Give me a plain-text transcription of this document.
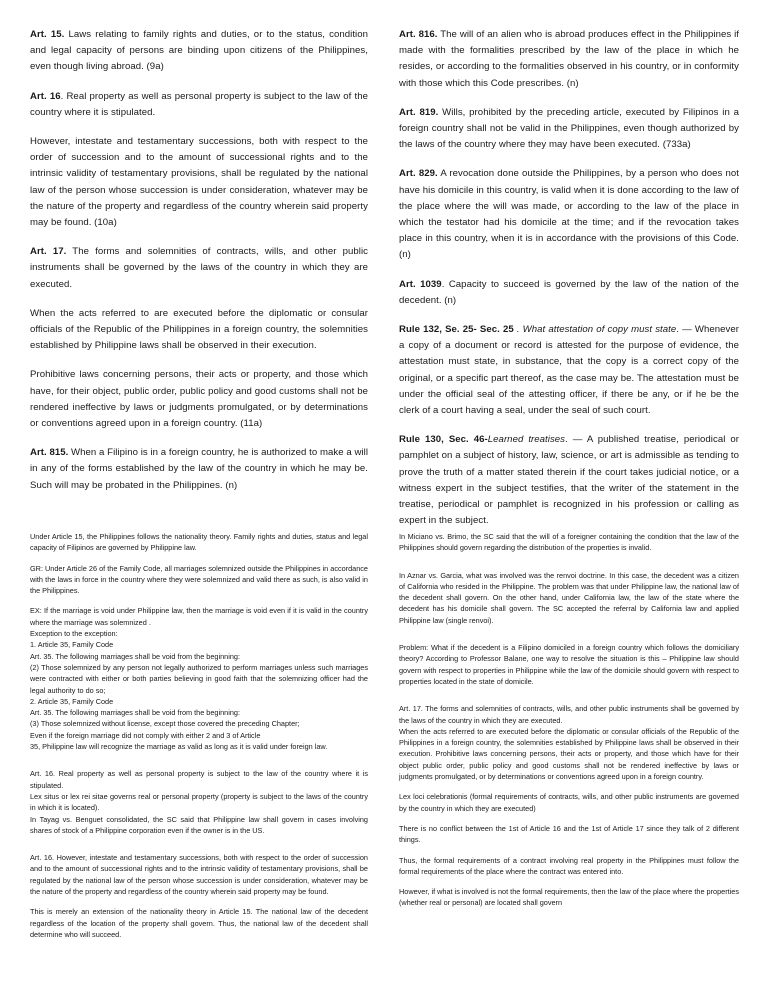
Art. 15. Laws relating to family rights and duties, or to the status, condition and legal capacity of persons are binding upon citizens of the Philippines, even though living abroad. (9a)

Art. 16. Real property as well as personal property is subject to the law of the country where it is stipulated.

However, intestate and testamentary successions, both with respect to the order of succession and to the amount of successional rights and to the intrinsic validity of testamentary provisions, shall be regulated by the national law of the person whose succession is under consideration, whatever may be the nature of the property and regardless of the country wherein said property may be found. (10a)

Art. 17. The forms and solemnities of contracts, wills, and other public instruments shall be governed by the laws of the country in which they are executed.

When the acts referred to are executed before the diplomatic or consular officials of the Republic of the Philippines in a foreign country, the solemnities established by Philippine laws shall be observed in their execution.

Prohibitive laws concerning persons, their acts or property, and those which have, for their object, public order, public policy and good customs shall not be rendered ineffective by laws or judgments promulgated, or by determinations or conventions agreed upon in a foreign country. (11a)

Art. 815. When a Filipino is in a foreign country, he is authorized to make a will in any of the forms established by the law of the country in which he may be. Such will may be probated in the Philippines. (n)

Art. 816. The will of an alien who is abroad produces effect in the Philippines if made with the formalities prescribed by the law of the place in which he resides, or according to the formalities observed in his country, or in conformity with those which this Code prescribes. (n)

Art. 819. Wills, prohibited by the preceding article, executed by Filipinos in a foreign country shall not be valid in the Philippines, even though authorized by the laws of the country where they may have been executed. (733a)

Art. 829. A revocation done outside the Philippines, by a person who does not have his domicile in this country, is valid when it is done according to the law of the place where the will was made, or according to the law of the place in which the testator had his domicile at the time; and if the revocation takes place in this country, when it is in accordance with the provisions of this Code. (n)

Art. 1039. Capacity to succeed is governed by the law of the nation of the decedent. (n)

Rule 132, Se. 25- Sec. 25 . What attestation of copy must state. — Whenever a copy of a document or record is attested for the purpose of evidence, the attestation must state, in substance, that the copy is a correct copy of the original, or a specific part thereof, as the case may be. The attestation must be under the official seal of the attesting officer, if there be any, or if he be the clerk of a court having a seal, under the seal of such court.

Rule 130, Sec. 46-Learned treatises. — A published treatise, periodical or pamphlet on a subject of history, law, science, or art is admissible as tending to prove the truth of a matter stated therein if the court takes judicial notice, or a witness expert in the subject testifies, that the writer of the statement in the treatise, periodical or pamphlet is recognized in his profession or calling as expert in the subject.

Under Article 15, the Philippines follows the nationality theory. Family rights and duties, status and legal capacity of Filipinos are governed by Philippine law.

GR: Under Article 26 of the Family Code, all marriages solemnized outside the Philippines in accordance with the laws in force in the country where they were solemnized and valid there as such, is also valid in the Philippines.

EX: If the marriage is void under Philippine law, then the marriage is void even if it is valid in the country where the marriage was solemnized .
Exception to the exception:
1. Article 35, Family Code
Art. 35. The following marriages shall be void from the beginning:
(2) Those solemnized by any person not legally authorized to perform marriages unless such marriages were contracted with either or both parties believing in good faith that the solemnizing officer had the legal authority to do so;
2. Article 35, Family Code
Art. 35. The following marriages shall be void from the beginning:
(3) Those solemnized without license, except those covered the preceding Chapter;
Even if the foreign marriage did not comply with either 2 and 3 of Article
35, Philippine law will recognize the marriage as valid as long as it is valid under foreign law.

Art. 16. Real property as well as personal property is subject to the law of the country where it is stipulated.
Lex situs or lex rei sitae governs real or personal property (property is subject to the laws of the country in which it is located).
In Tayag vs. Benguet consolidated, the SC said that Philippine law shall govern in cases involving shares of stock of a Philippine corporation even if the owner is in the US.

Art. 16. However, intestate and testamentary successions, both with respect to the order of succession and to the amount of successional rights and to the intrinsic validity of testamentary provisions, shall be regulated by the national law of the person whose succession is under consideration, whatever may be the nature of the property and regardless of the country wherein said property may be found.

This is merely an extension of the nationality theory in Article 15. The national law of the decedent regardless of the location of the property shall govern. Thus, the national law of the decedent shall determine who will succeed.

In Miciano vs. Brimo, the SC said that the will of a foreigner containing the condition that the law of the Philippines should govern regarding the distribution of the properties is invalid.

In Aznar vs. Garcia, what was involved was the renvoi doctrine. In this case, the decedent was a citizen of California who resided in the Philippine. The problem was that under Philippine law, the national law of the decedent shall govern. On the other hand, under California law, the law of the state where the decedent has his domicile shall govern. The SC accepted the referral by California law and applied Philippine law (single renvoi).

Problem: What if the decedent is a Filipino domiciled in a foreign country which follows the domiciliary theory? According to Professor Balane, one way to resolve the situation is this – Philippine law should govern with respect to properties in Philippine while the law of the domicile should govern with respect to properties located in the state of domicile.

Art. 17. The forms and solemnities of contracts, wills, and other public instruments shall be governed by the laws of the country in which they are executed.

When the acts referred to are executed before the diplomatic or consular officials of the Republic of the Philippines in a foreign country, the solemnities established by Philippine laws shall be observed in their execution. Prohibitive laws concerning persons, their acts or property, and those which have for their object public order, public policy and good customs shall not be rendered ineffective by laws or judgments promulgated, or by determinations or conventions agreed upon in a foreign country.

Lex loci celebrationis (formal requirements of contracts, wills, and other public instruments are governed by the country in which they are executed)

There is no conflict between the 1st of Article 16 and the 1st of Article 17 since they talk of 2 different things.

Thus, the formal requirements of a contract involving real property in the Philippines must follow the formal requirements of the place where the contract was entered into.

However, if what is involved is not the formal requirements, then the law of the place where the properties (whether real or personal) are located shall govern
